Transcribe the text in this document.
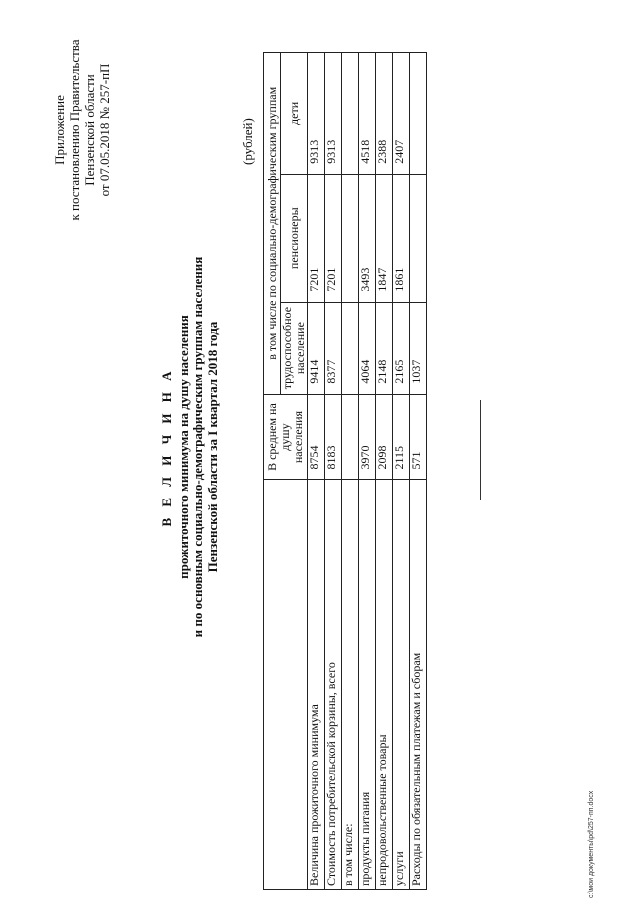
Приложение к постановлению Правительства Пензенской области от 07.05.2018 № 257-пП
В Е Л И Ч И Н А прожиточного минимума на душу населения и по основным социально-демографическим группам населения Пензенской области за I квартал 2018 года
(рублей)
	В среднем на душу населения	в том числе по социально-демографическим группам		
		трудоспособное население	пенсионеры	дети
Величина прожиточного минимума	8754	9414	7201	9313
Стоимость потребительской корзины, всего	8183	8377	7201	9313
в том числе:				
продукты питания	3970	4064	3493	4518
непродовольственные товары	2098	2148	1847	2388
услуги	2115	2165	1861	2407
Расходы по обязательным платежам и сборам	571	1037		
c:\мои документы\pd\257-пп.docx
